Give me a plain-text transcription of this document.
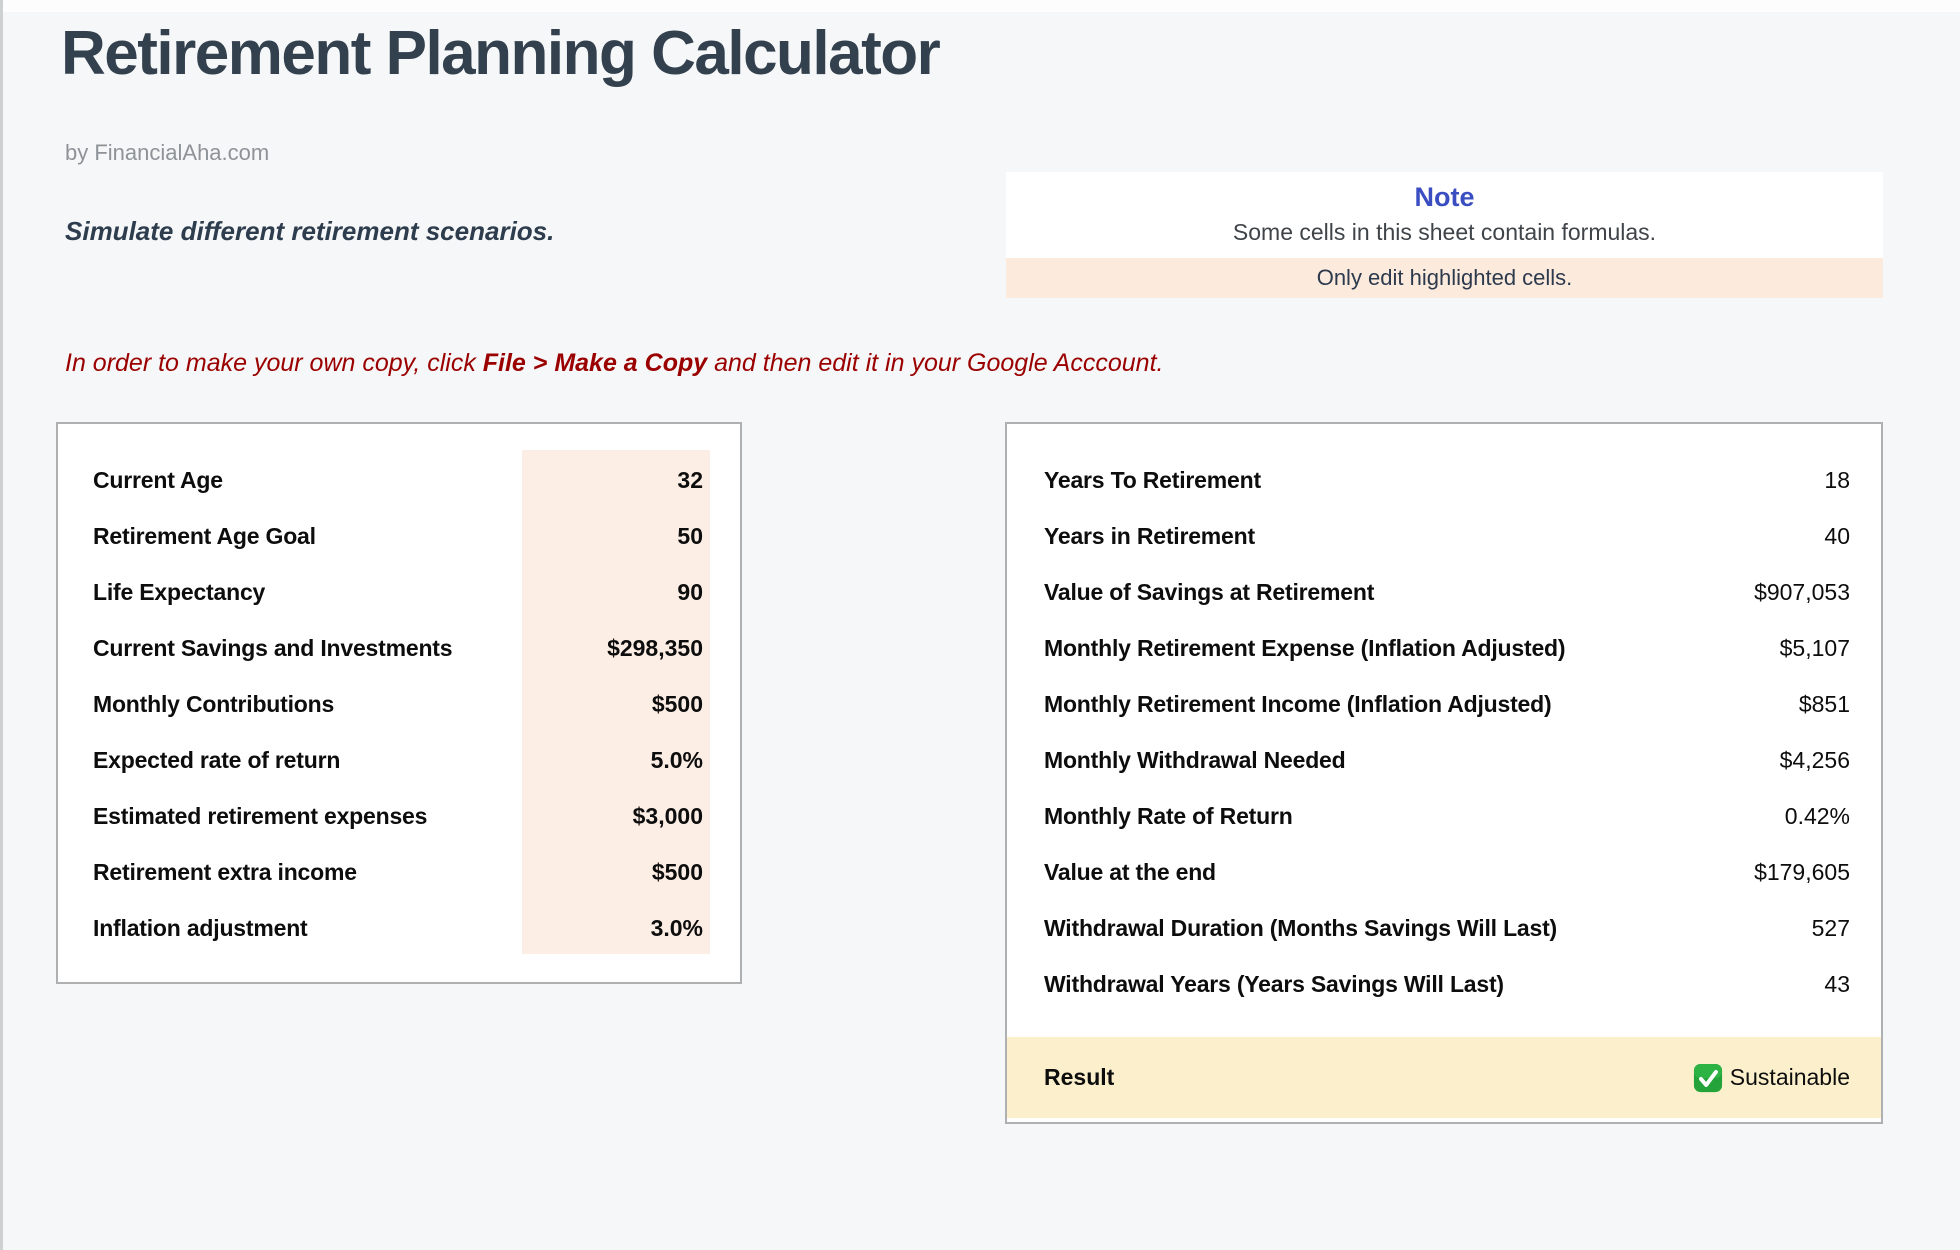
Retirement Planning Calculator
by FinancialAha.com
Simulate different retirement scenarios.
Note
Some cells in this sheet contain formulas.
Only edit highlighted cells.
In order to make your own copy, click File > Make a Copy and then edit it in your Google Acccount.
Current Age	32
Retirement Age Goal	50
Life Expectancy	90
Current Savings and Investments	$298,350
Monthly Contributions	$500
Expected rate of return	5.0%
Estimated retirement expenses	$3,000
Retirement extra income	$500
Inflation adjustment	3.0%
Years To Retirement	18
Years in Retirement	40
Value of Savings at Retirement	$907,053
Monthly Retirement Expense (Inflation Adjusted)	$5,107
Monthly Retirement Income (Inflation Adjusted)	$851
Monthly Withdrawal Needed	$4,256
Monthly Rate of Return	0.42%
Value at the end	$179,605
Withdrawal Duration (Months Savings Will Last)	527
Withdrawal Years (Years Savings Will Last)	43
Result	Sustainable
